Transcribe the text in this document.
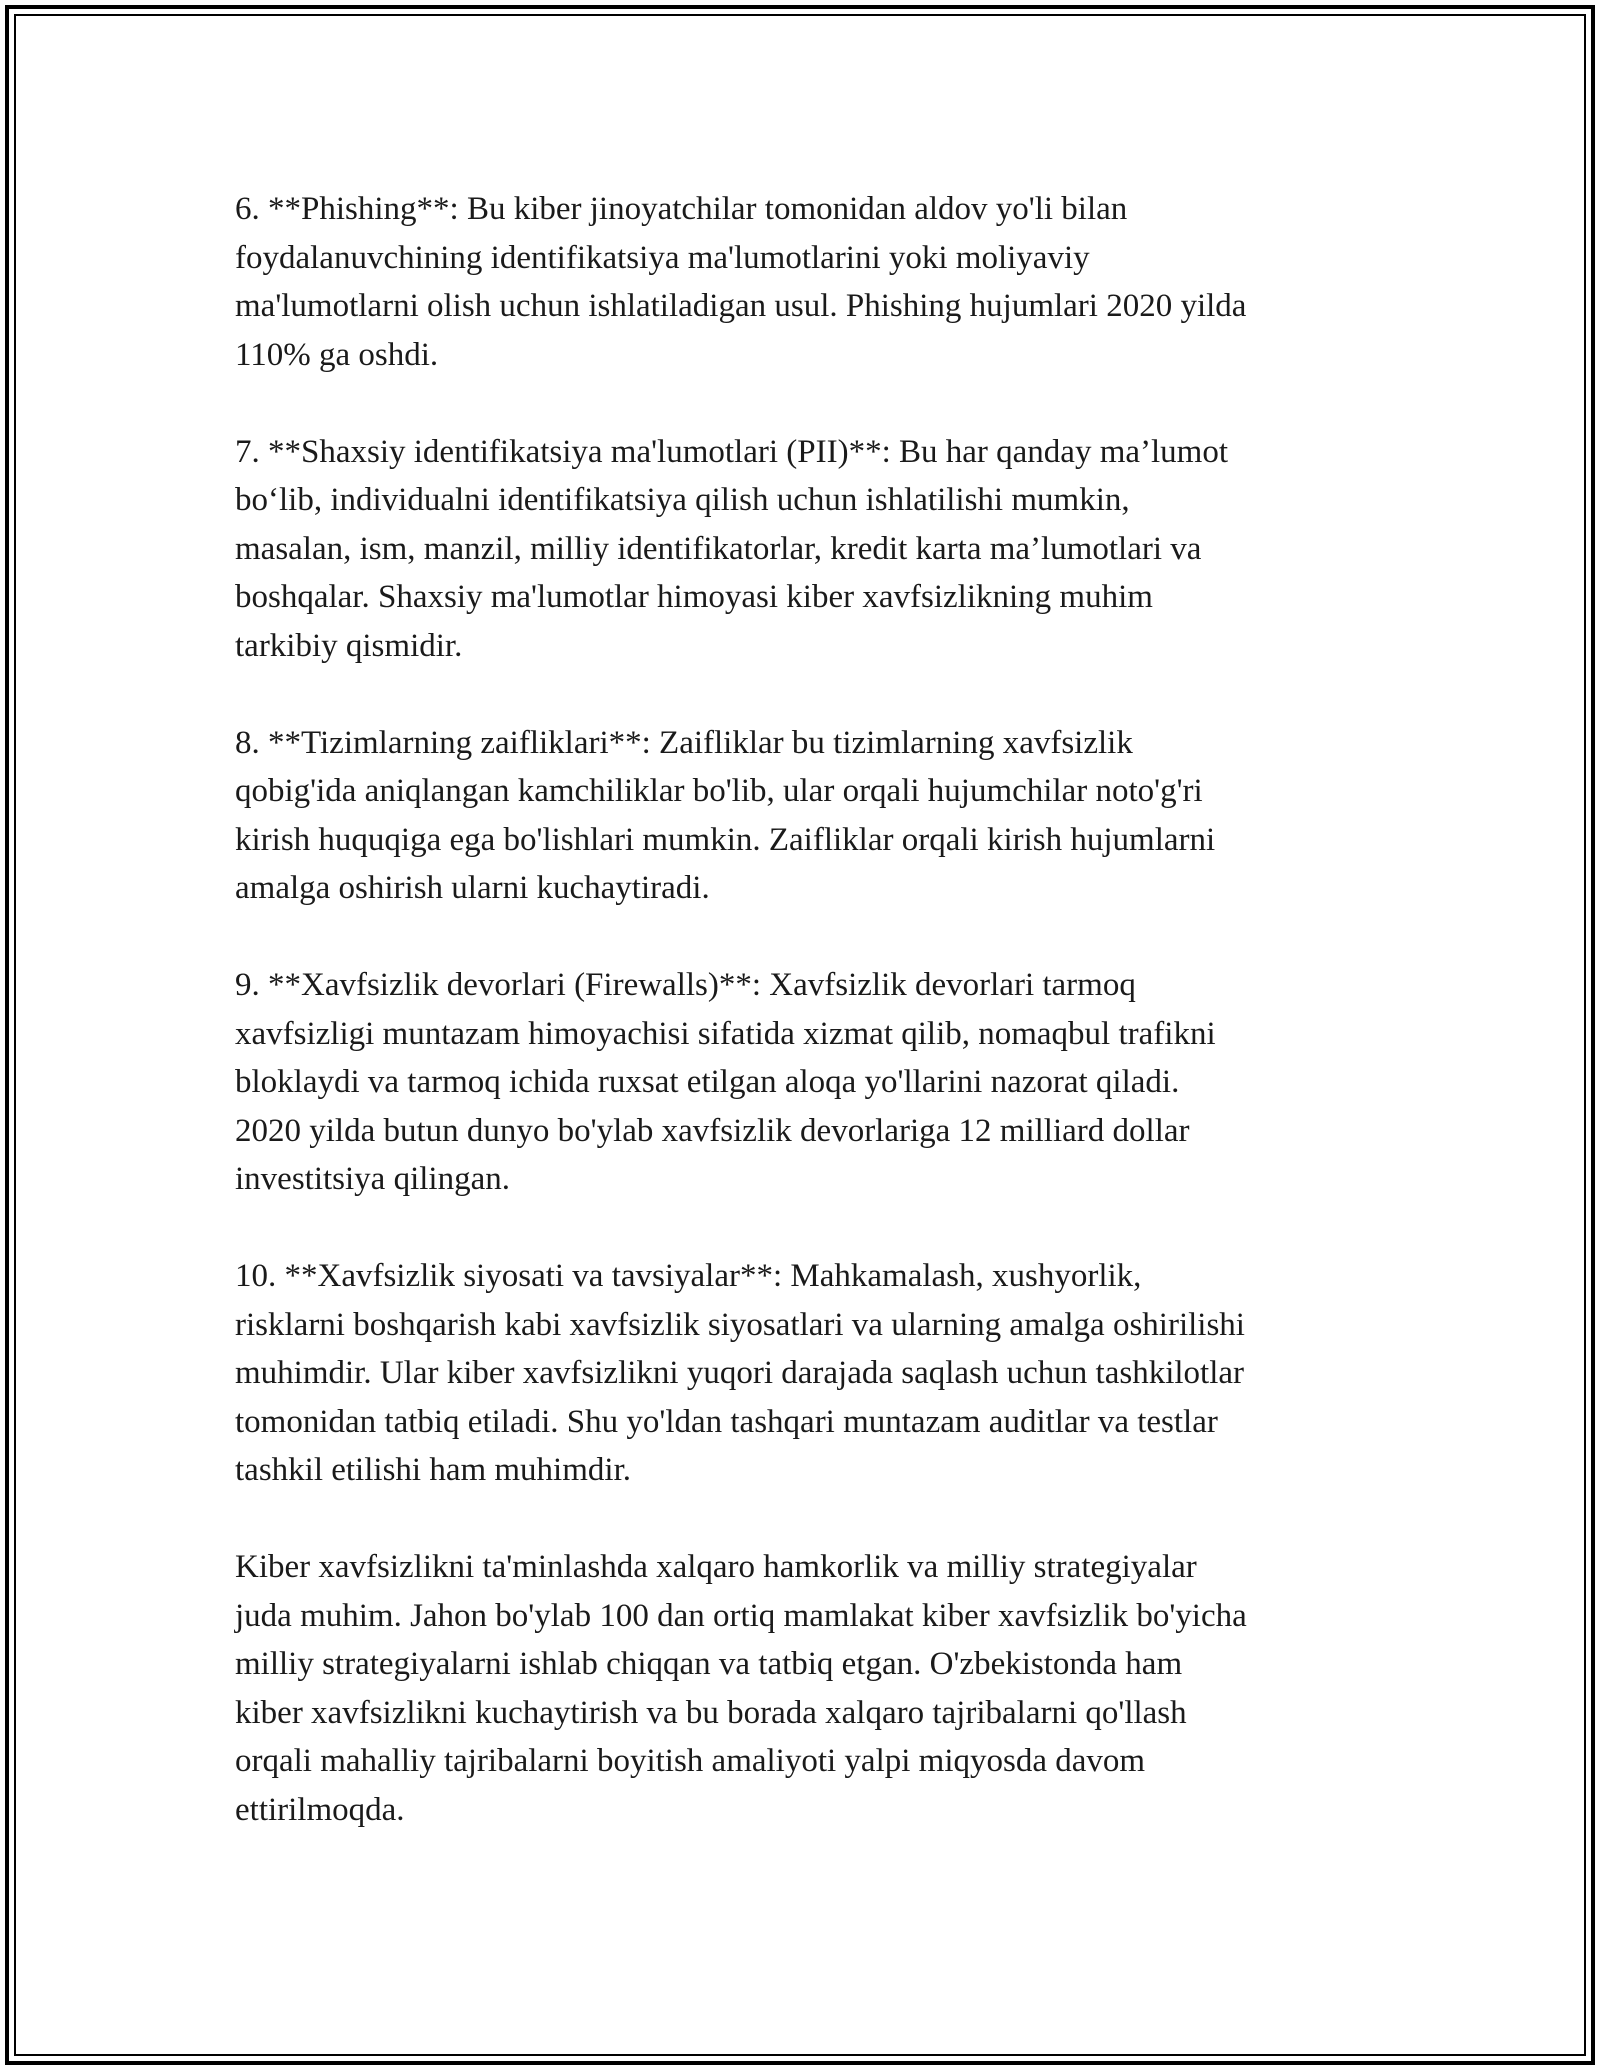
6. **Phishing**: Bu kiber jinoyatchilar tomonidan aldov yo'li bilan
foydalanuvchining identifikatsiya ma'lumotlarini yoki moliyaviy
ma'lumotlarni olish uchun ishlatiladigan usul. Phishing hujumlari 2020 yilda
110% ga oshdi.

7. **Shaxsiy identifikatsiya ma'lumotlari (PII)**: Bu har qanday ma’lumot
bo‘lib, individualni identifikatsiya qilish uchun ishlatilishi mumkin,
masalan, ism, manzil, milliy identifikatorlar, kredit karta ma’lumotlari va
boshqalar. Shaxsiy ma'lumotlar himoyasi kiber xavfsizlikning muhim
tarkibiy qismidir.

8. **Tizimlarning zaifliklari**: Zaifliklar bu tizimlarning xavfsizlik
qobig'ida aniqlangan kamchiliklar bo'lib, ular orqali hujumchilar noto'g'ri
kirish huquqiga ega bo'lishlari mumkin. Zaifliklar orqali kirish hujumlarni
amalga oshirish ularni kuchaytiradi.

9. **Xavfsizlik devorlari (Firewalls)**: Xavfsizlik devorlari tarmoq
xavfsizligi muntazam himoyachisi sifatida xizmat qilib, nomaqbul trafikni
bloklaydi va tarmoq ichida ruxsat etilgan aloqa yo'llarini nazorat qiladi.
2020 yilda butun dunyo bo'ylab xavfsizlik devorlariga 12 milliard dollar
investitsiya qilingan.

10. **Xavfsizlik siyosati va tavsiyalar**: Mahkamalash, xushyorlik,
risklarni boshqarish kabi xavfsizlik siyosatlari va ularning amalga oshirilishi
muhimdir. Ular kiber xavfsizlikni yuqori darajada saqlash uchun tashkilotlar
tomonidan tatbiq etiladi. Shu yo'ldan tashqari muntazam auditlar va testlar
tashkil etilishi ham muhimdir.

Kiber xavfsizlikni ta'minlashda xalqaro hamkorlik va milliy strategiyalar
juda muhim. Jahon bo'ylab 100 dan ortiq mamlakat kiber xavfsizlik bo'yicha
milliy strategiyalarni ishlab chiqqan va tatbiq etgan. O'zbekistonda ham
kiber xavfsizlikni kuchaytirish va bu borada xalqaro tajribalarni qo'llash
orqali mahalliy tajribalarni boyitish amaliyoti yalpi miqyosda davom
ettirilmoqda.
